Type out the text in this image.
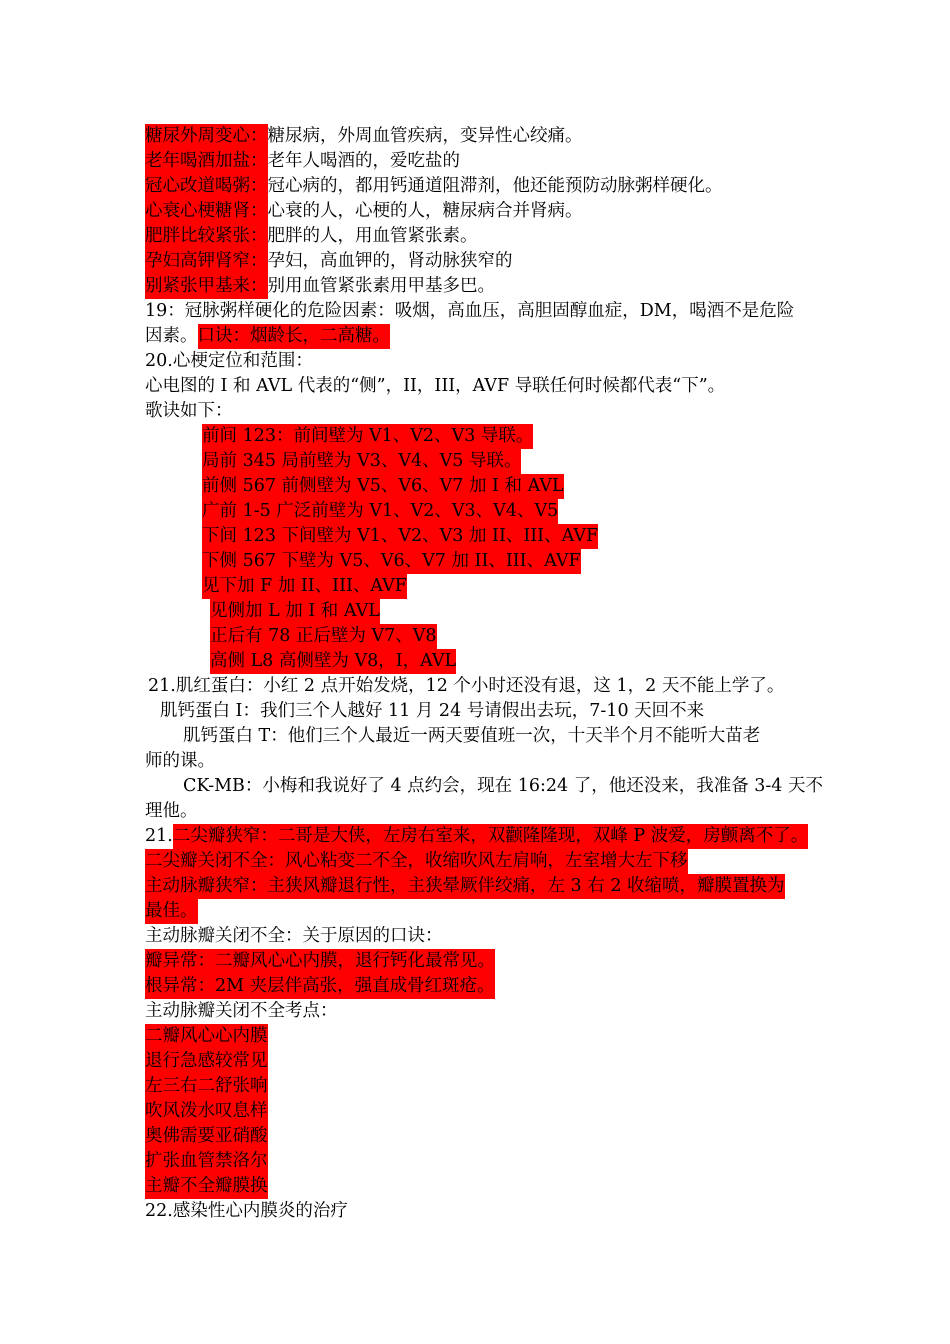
糖尿外周变心：糖尿病，外周血管疾病，变异性心绞痛。
老年喝酒加盐：老年人喝酒的，爱吃盐的
冠心改道喝粥：冠心病的，都用钙通道阻滞剂，他还能预防动脉粥样硬化。
心衰心梗糖肾：心衰的人，心梗的人，糖尿病合并肾病。
肥胖比较紧张：肥胖的人，用血管紧张素。
孕妇高钾肾窄：孕妇，高血钾的，肾动脉狭窄的
别紧张甲基来：别用血管紧张素用甲基多巴。
19：冠脉粥样硬化的危险因素：吸烟，高血压，高胆固醇血症，DM，喝酒不是危险
因素。口诀：烟龄长，二高糖。
20.心梗定位和范围：
心电图的 I 和 AVL 代表的“侧”，II，III，AVF 导联任何时候都代表“下”。
歌诀如下：
前间 123：前间壁为 V1、V2、V3 导联。
局前 345 局前壁为 V3、V4、V5 导联。
前侧 567 前侧壁为 V5、V6、V7 加 I 和 AVL
广前 1-5 广泛前壁为 V1、V2、V3、V4、V5
下间 123 下间壁为 V1、V2、V3 加 II、III、AVF
下侧 567 下壁为 V5、V6、V7 加 II、III、AVF
见下加 F 加 II、III、AVF
见侧加 L 加 I 和 AVL
正后有 78 正后壁为 V7、V8
高侧 L8 高侧壁为 V8，I，AVL
21.肌红蛋白：小红 2 点开始发烧，12 个小时还没有退，这 1，2 天不能上学了。
肌钙蛋白 I：我们三个人越好 11 月 24 号请假出去玩，7-10 天回不来
肌钙蛋白 T：他们三个人最近一两天要值班一次，十天半个月不能听大苗老
师的课。
CK-MB：小梅和我说好了 4 点约会，现在 16:24 了，他还没来，我准备 3-4 天不
理他。
21.二尖瓣狭窄：二哥是大侠，左房右室来，双颧隆隆现，双峰 P 波爱，房颤离不了。
二尖瓣关闭不全：风心粘变二不全，收缩吹风左肩响，左室增大左下移
主动脉瓣狭窄：主狭风瓣退行性，主狭晕厥伴绞痛，左 3 右 2 收缩喷，瓣膜置换为
最佳。
主动脉瓣关闭不全：关于原因的口诀：
瓣异常：二瓣风心心内膜，退行钙化最常见。
根异常：2M 夹层伴高张，强直成骨红斑疮。
主动脉瓣关闭不全考点：
二瓣风心心内膜
退行急感较常见
左三右二舒张响
吹风泼水叹息样
奥佛需要亚硝酸
扩张血管禁洛尔
主瓣不全瓣膜换
22.感染性心内膜炎的治疗
